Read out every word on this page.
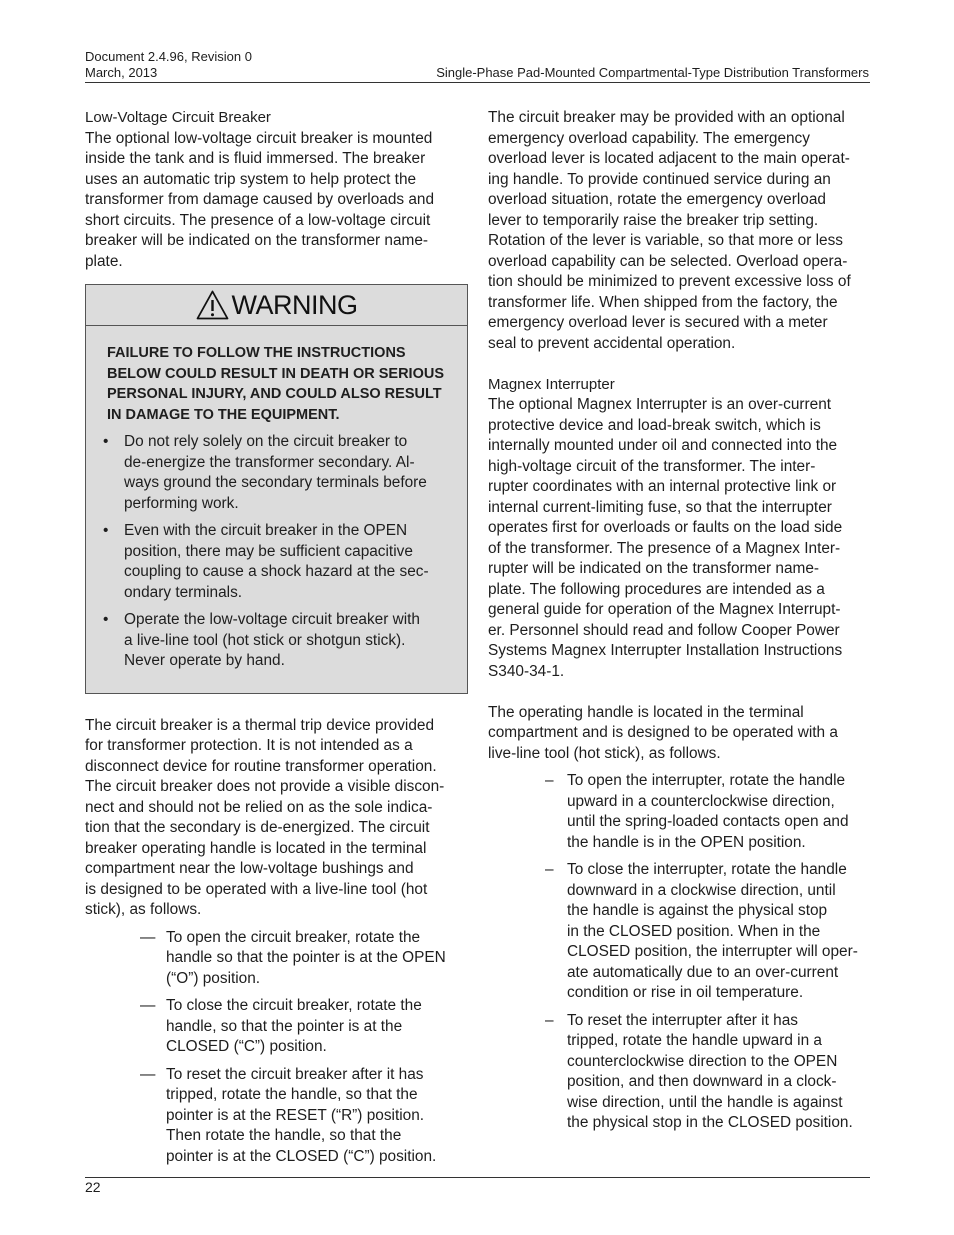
Document 2.4.96, Revision 0
March, 2013	Single-Phase Pad-Mounted Compartmental-Type Distribution Transformers
Low-Voltage Circuit Breaker
The optional low-voltage circuit breaker is mounted
inside the tank and is fluid immersed. The breaker
uses an automatic trip system to help protect the
transformer from damage caused by overloads and
short circuits. The presence of a low-voltage circuit
breaker will be indicated on the transformer name-
plate.
WARNING
FAILURE TO FOLLOW THE INSTRUCTIONS
BELOW COULD RESULT IN DEATH OR SERIOUS
PERSONAL INJURY, AND COULD ALSO RESULT
IN DAMAGE TO THE EQUIPMENT.
• Do not rely solely on the circuit breaker to
de-energize the transformer secondary. Al-
ways ground the secondary terminals before
performing work.
• Even with the circuit breaker in the OPEN
position, there may be sufficient capacitive
coupling to cause a shock hazard at the sec-
ondary terminals.
• Operate the low-voltage circuit breaker with
a live-line tool (hot stick or shotgun stick).
Never operate by hand.
The circuit breaker is a thermal trip device provided
for transformer protection. It is not intended as a
disconnect device for routine transformer operation.
The circuit breaker does not provide a visible discon-
nect and should not be relied on as the sole indica-
tion that the secondary is de-energized. The circuit
breaker operating handle is located in the terminal
compartment near the low-voltage bushings and
is designed to be operated with a live-line tool (hot
stick), as follows.
— To open the circuit breaker, rotate the
handle so that the pointer is at the OPEN
(“O”) position.
— To close the circuit breaker, rotate the
handle, so that the pointer is at the
CLOSED (“C”) position.
— To reset the circuit breaker after it has
tripped, rotate the handle, so that the
pointer is at the RESET (“R”) position.
Then rotate the handle, so that the
pointer is at the CLOSED (“C”) position.
The circuit breaker may be provided with an optional
emergency overload capability. The emergency
overload lever is located adjacent to the main operat-
ing handle. To provide continued service during an
overload situation, rotate the emergency overload
lever to temporarily raise the breaker trip setting.
Rotation of the lever is variable, so that more or less
overload capability can be selected. Overload opera-
tion should be minimized to prevent excessive loss of
transformer life. When shipped from the factory, the
emergency overload lever is secured with a meter
seal to prevent accidental operation.
Magnex Interrupter
The optional Magnex Interrupter is an over-current
protective device and load-break switch, which is
internally mounted under oil and connected into the
high-voltage circuit of the transformer. The inter-
rupter coordinates with an internal protective link or
internal current-limiting fuse, so that the interrupter
operates first for overloads or faults on the load side
of the transformer. The presence of a Magnex Inter-
rupter will be indicated on the transformer name-
plate. The following procedures are intended as a
general guide for operation of the Magnex Interrupt-
er. Personnel should read and follow Cooper Power
Systems Magnex Interrupter Installation Instructions
S340-34-1.
The operating handle is located in the terminal
compartment and is designed to be operated with a
live-line tool (hot stick), as follows.
– To open the interrupter, rotate the handle
upward in a counterclockwise direction,
until the spring-loaded contacts open and
the handle is in the OPEN position.
– To close the interrupter, rotate the handle
downward in a clockwise direction, until
the handle is against the physical stop
in the CLOSED position. When in the
CLOSED position, the interrupter will oper-
ate automatically due to an over-current
condition or rise in oil temperature.
– To reset the interrupter after it has
tripped, rotate the handle upward in a
counterclockwise direction to the OPEN
position, and then downward in a clock-
wise direction, until the handle is against
the physical stop in the CLOSED position.
22
